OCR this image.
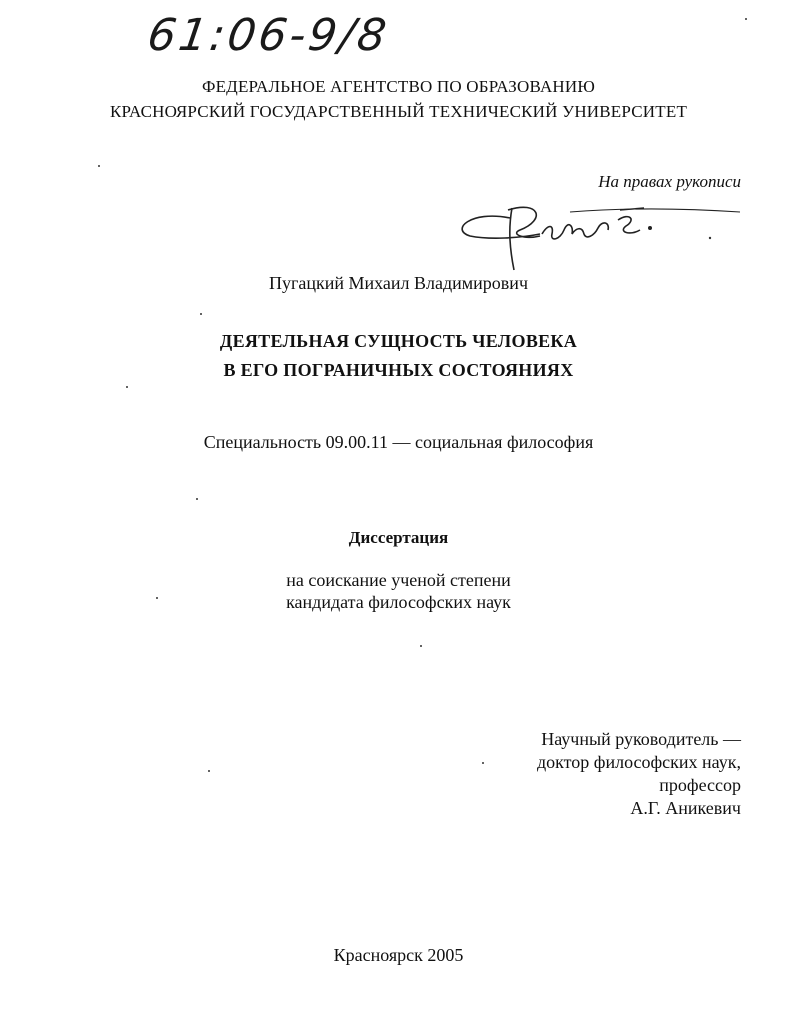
61:06-9/8
ФЕДЕРАЛЬНОЕ АГЕНТСТВО ПО ОБРАЗОВАНИЮ
КРАСНОЯРСКИЙ ГОСУДАРСТВЕННЫЙ ТЕХНИЧЕСКИЙ УНИВЕРСИТЕТ
На правах рукописи
Пугацкий Михаил Владимирович
ДЕЯТЕЛЬНАЯ СУЩНОСТЬ ЧЕЛОВЕКА
В ЕГО ПОГРАНИЧНЫХ СОСТОЯНИЯХ
Специальность 09.00.11 — социальная философия
Диссертация
на соискание ученой степени
кандидата философских наук
Научный руководитель —
доктор философских наук,
профессор
А.Г. Аникевич
Красноярск 2005
